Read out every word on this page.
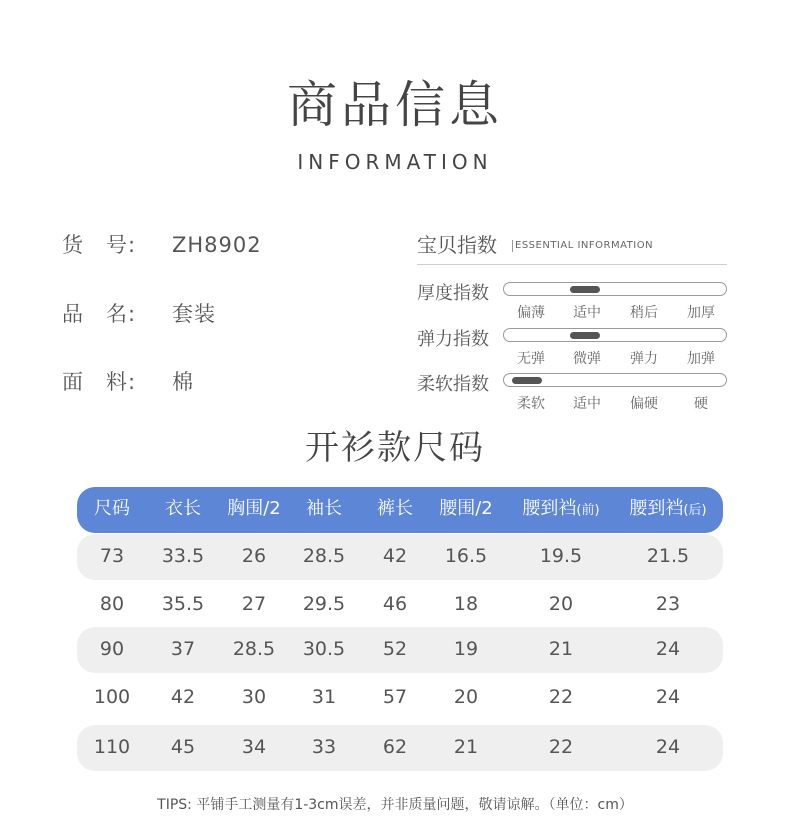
商品信息
INFORMATION
货　号: ZH8902
品　名: 套装
面　料: 棉
宝贝指数	ESSENTIAL INFORMATION
厚度指数
偏薄	适中	稍后	加厚
弹力指数
无弹	微弹	弹力	加弹
柔软指数
柔软	适中	偏硬	硬
开衫款尺码
尺码	衣长	胸围/2	袖长	裤长	腰围/2	腰到裆(前)	腰到裆(后)
73	33.5	26	28.5	42	16.5	19.5	21.5
80	35.5	27	29.5	46	18	20	23
90	37	28.5	30.5	52	19	21	24
100	42	30	31	57	20	22	24
110	45	34	33	62	21	22	24
TIPS: 平铺手工测量有1-3cm误差，并非质量问题，敬请谅解。（单位：cm）
